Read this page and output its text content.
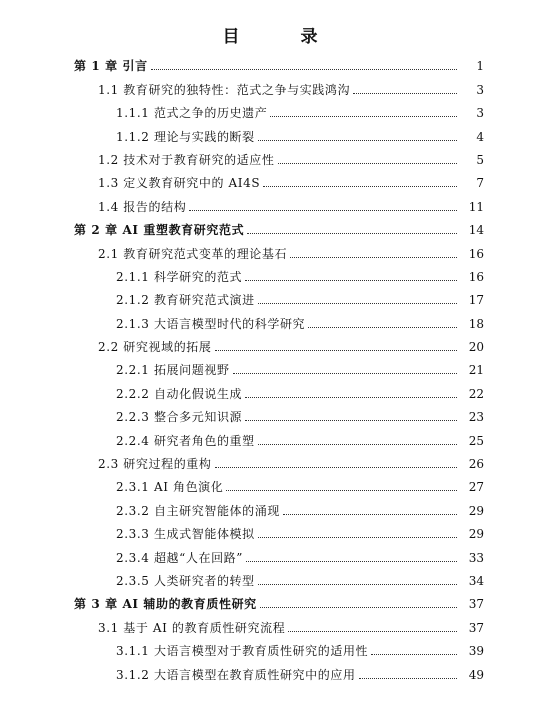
目　录
第 1 章 引言	1
1.1 教育研究的独特性：范式之争与实践鸿沟	3
1.1.1 范式之争的历史遗产	3
1.1.2 理论与实践的断裂	4
1.2 技术对于教育研究的适应性	5
1.3 定义教育研究中的 AI4S	7
1.4 报告的结构	11
第 2 章 AI 重塑教育研究范式	14
2.1 教育研究范式变革的理论基石	16
2.1.1 科学研究的范式	16
2.1.2 教育研究范式演进	17
2.1.3 大语言模型时代的科学研究	18
2.2 研究视域的拓展	20
2.2.1 拓展问题视野	21
2.2.2 自动化假说生成	22
2.2.3 整合多元知识源	23
2.2.4 研究者角色的重塑	25
2.3 研究过程的重构	26
2.3.1 AI 角色演化	27
2.3.2 自主研究智能体的涌现	29
2.3.3 生成式智能体模拟	29
2.3.4 超越“人在回路”	33
2.3.5 人类研究者的转型	34
第 3 章 AI 辅助的教育质性研究	37
3.1 基于 AI 的教育质性研究流程	37
3.1.1 大语言模型对于教育质性研究的适用性	39
3.1.2 大语言模型在教育质性研究中的应用	49
